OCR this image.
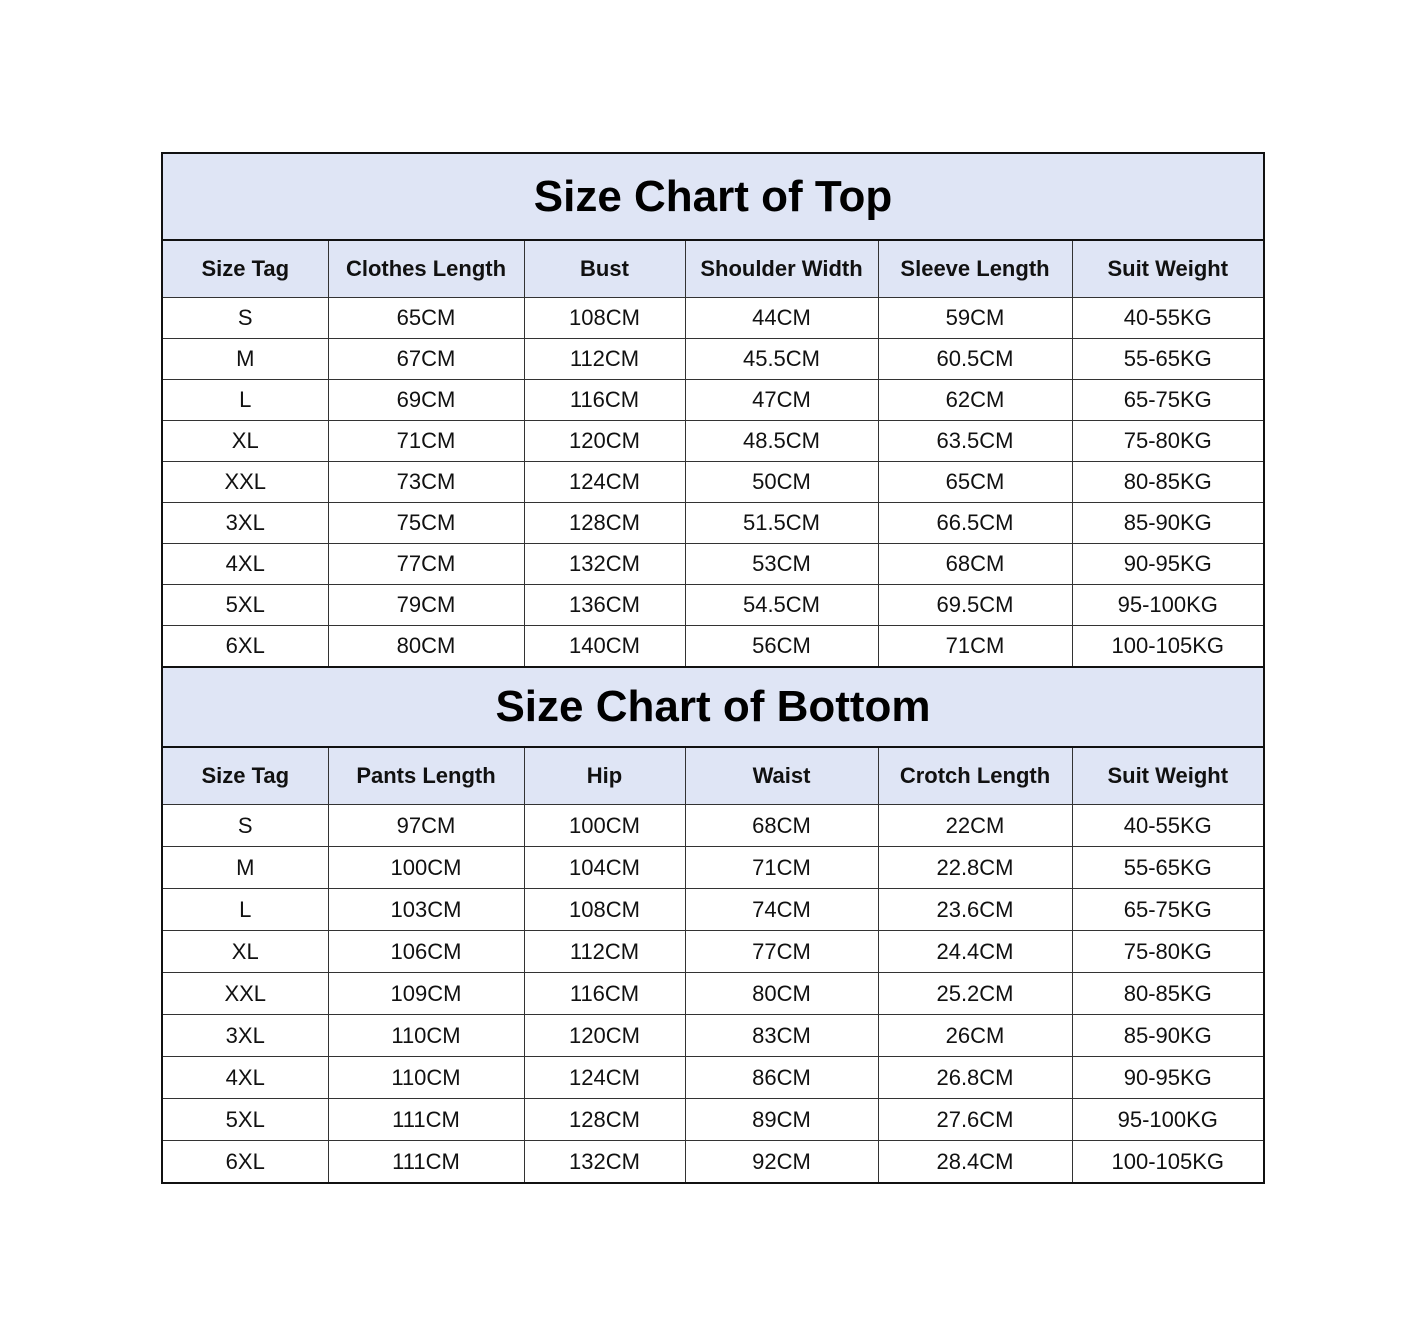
Size Chart of Top					
Size Tag	Clothes Length	Bust	Shoulder Width	Sleeve Length	Suit Weight
S	65CM	108CM	44CM	59CM	40-55KG
M	67CM	112CM	45.5CM	60.5CM	55-65KG
L	69CM	116CM	47CM	62CM	65-75KG
XL	71CM	120CM	48.5CM	63.5CM	75-80KG
XXL	73CM	124CM	50CM	65CM	80-85KG
3XL	75CM	128CM	51.5CM	66.5CM	85-90KG
4XL	77CM	132CM	53CM	68CM	90-95KG
5XL	79CM	136CM	54.5CM	69.5CM	95-100KG
6XL	80CM	140CM	56CM	71CM	100-105KG
Size Chart of Bottom					
Size Tag	Pants Length	Hip	Waist	Crotch Length	Suit Weight
S	97CM	100CM	68CM	22CM	40-55KG
M	100CM	104CM	71CM	22.8CM	55-65KG
L	103CM	108CM	74CM	23.6CM	65-75KG
XL	106CM	112CM	77CM	24.4CM	75-80KG
XXL	109CM	116CM	80CM	25.2CM	80-85KG
3XL	110CM	120CM	83CM	26CM	85-90KG
4XL	110CM	124CM	86CM	26.8CM	90-95KG
5XL	111CM	128CM	89CM	27.6CM	95-100KG
6XL	111CM	132CM	92CM	28.4CM	100-105KG
